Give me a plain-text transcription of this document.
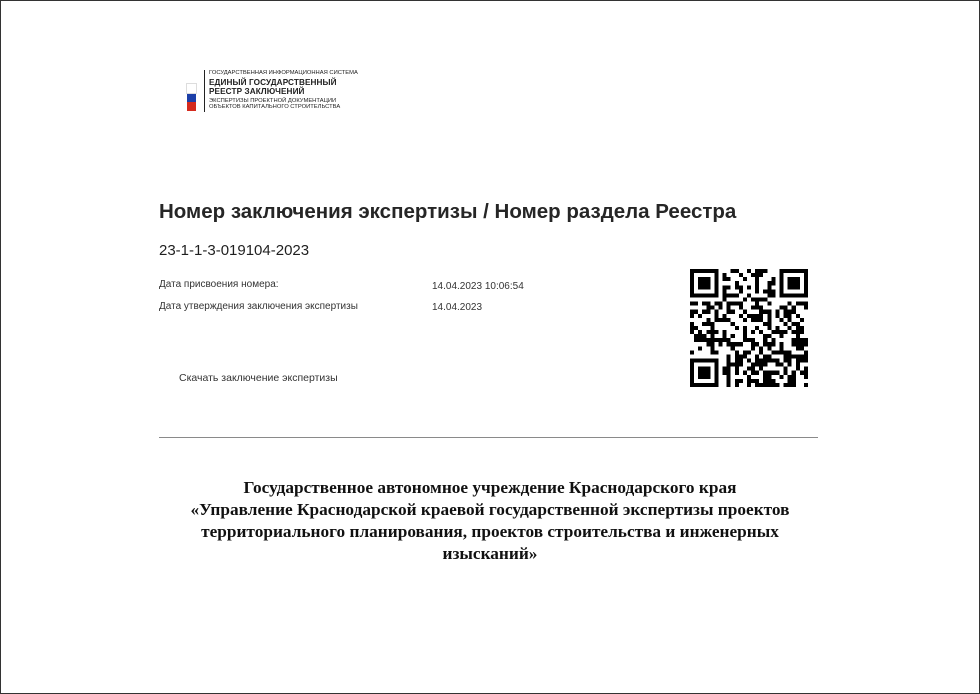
ГОСУДАРСТВЕННАЯ ИНФОРМАЦИОННАЯ СИСТЕМА
ЕДИНЫЙ ГОСУДАРСТВЕННЫЙ
РЕЕСТР ЗАКЛЮЧЕНИЙ
ЭКСПЕРТИЗЫ ПРОЕКТНОЙ ДОКУМЕНТАЦИИ
ОБЪЕКТОВ КАПИТАЛЬНОГО СТРОИТЕЛЬСТВА
Номер заключения экспертизы / Номер раздела Реестра
23-1-1-3-019104-2023
Дата присвоения номера:	14.04.2023 10:06:54
Дата утверждения заключения экспертизы	14.04.2023
Скачать заключение экспертизы
Государственное автономное учреждение Краснодарского края
«Управление Краснодарской краевой государственной экспертизы проектов
территориального планирования, проектов строительства и инженерных
изысканий»
